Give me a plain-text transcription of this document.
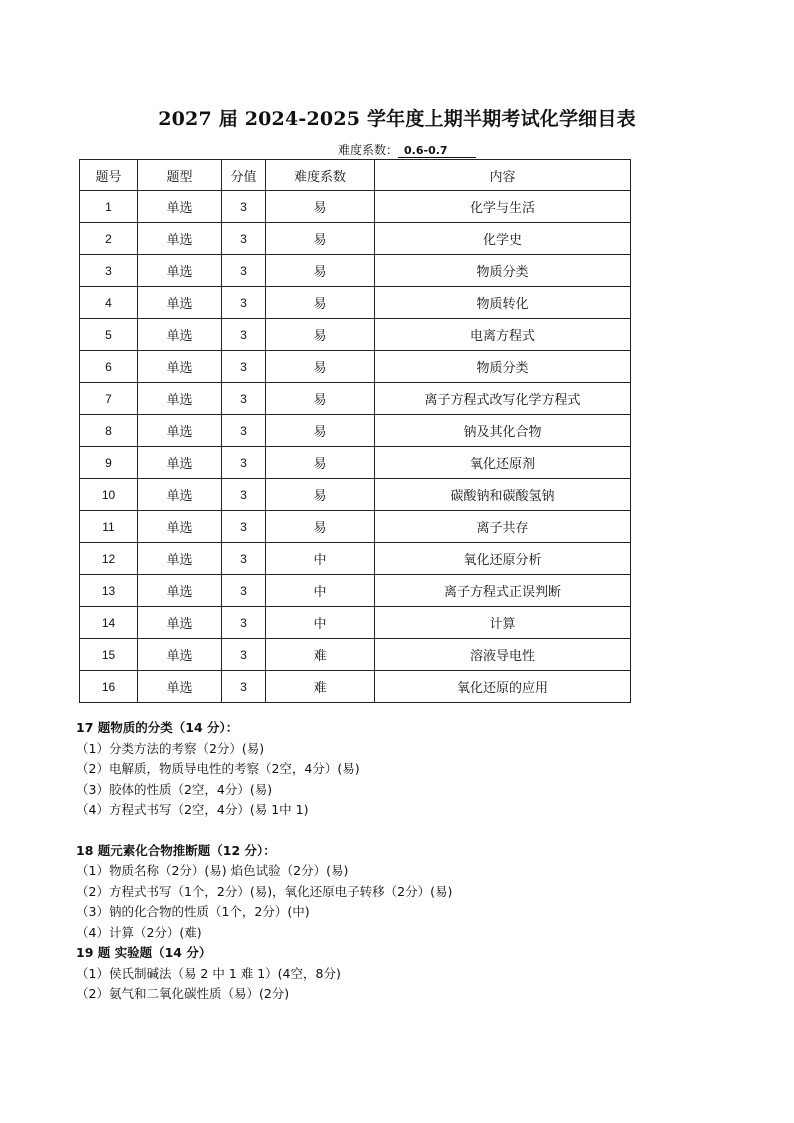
2027 届 2024-2025 学年度上期半期考试化学细目表
难度系数： 0.6-0.7
题号	题型	分值	难度系数	内容
1	单选	3	易	化学与生活
2	单选	3	易	化学史
3	单选	3	易	物质分类
4	单选	3	易	物质转化
5	单选	3	易	电离方程式
6	单选	3	易	物质分类
7	单选	3	易	离子方程式改写化学方程式
8	单选	3	易	钠及其化合物
9	单选	3	易	氧化还原剂
10	单选	3	易	碳酸钠和碳酸氢钠
11	单选	3	易	离子共存
12	单选	3	中	氧化还原分析
13	单选	3	中	离子方程式正误判断
14	单选	3	中	计算
15	单选	3	难	溶液导电性
16	单选	3	难	氧化还原的应用
17 题物质的分类（14 分）：
（1）分类方法的考察（2分）(易)
（2）电解质，物质导电性的考察（2空，4分）(易)
（3）胶体的性质（2空，4分）(易)
（4）方程式书写（2空，4分）(易 1中 1)
18 题元素化合物推断题（12 分）：
（1）物质名称（2分）(易) 焰色试验（2分）(易)
（2）方程式书写（1个，2分）(易)，氧化还原电子转移（2分）(易)
（3）钠的化合物的性质（1个，2分）(中)
（4）计算（2分）(难)
19 题 实验题（14 分）
（1）侯氏制碱法（易 2 中 1 难 1）(4空，8分)
（2）氨气和二氧化碳性质（易）(2分)
